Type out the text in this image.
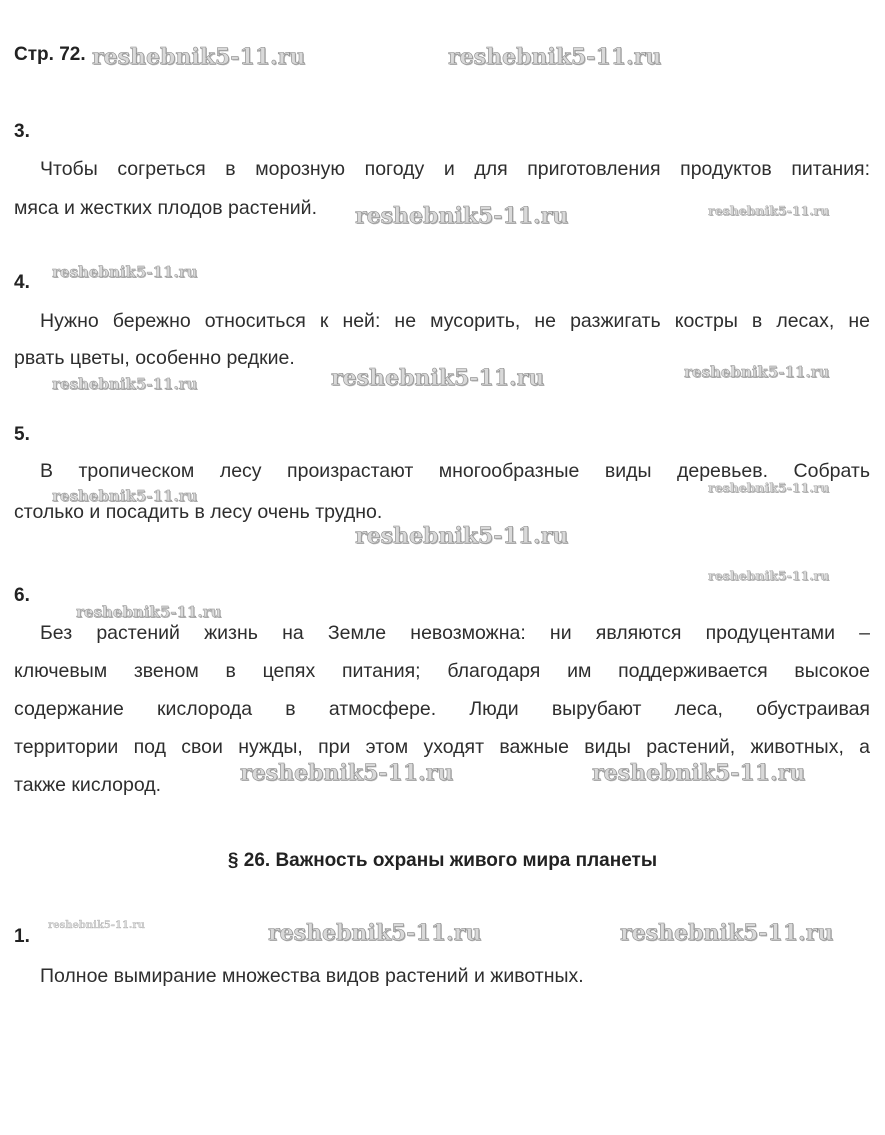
Стр. 72.
3.
Чтобы согреться в морозную погоду и для приготовления продуктов питания:
мяса и жестких плодов растений.
4.
Нужно бережно относиться к ней: не мусорить, не разжигать костры в лесах, не
рвать цветы, особенно редкие.
5.
В тропическом лесу произрастают многообразные виды деревьев. Собрать
столько и посадить в лесу очень трудно.
6.
Без растений жизнь на Земле невозможна: ни являются продуцентами –
ключевым звеном в цепях питания; благодаря им поддерживается высокое
содержание кислорода в атмосфере. Люди вырубают леса, обустраивая
территории под свои нужды, при этом уходят важные виды растений, животных, а
также кислород.
§ 26. Важность охраны живого мира планеты
1.
Полное вымирание множества видов растений и животных.
reshebnik5-11.ru	reshebnik5-11.ru
reshebnik5-11.ru	reshebnik5-11.ru
reshebnik5-11.ru
reshebnik5-11.ru
reshebnik5-11.ru
reshebnik5-11.ru
reshebnik5-11.ru	reshebnik5-11.ru
reshebnik5-11.ru
reshebnik5-11.ru
reshebnik5-11.ru
reshebnik5-11.ru	reshebnik5-11.ru
reshebnik5-11.ru	reshebnik5-11.ru	reshebnik5-11.ru
